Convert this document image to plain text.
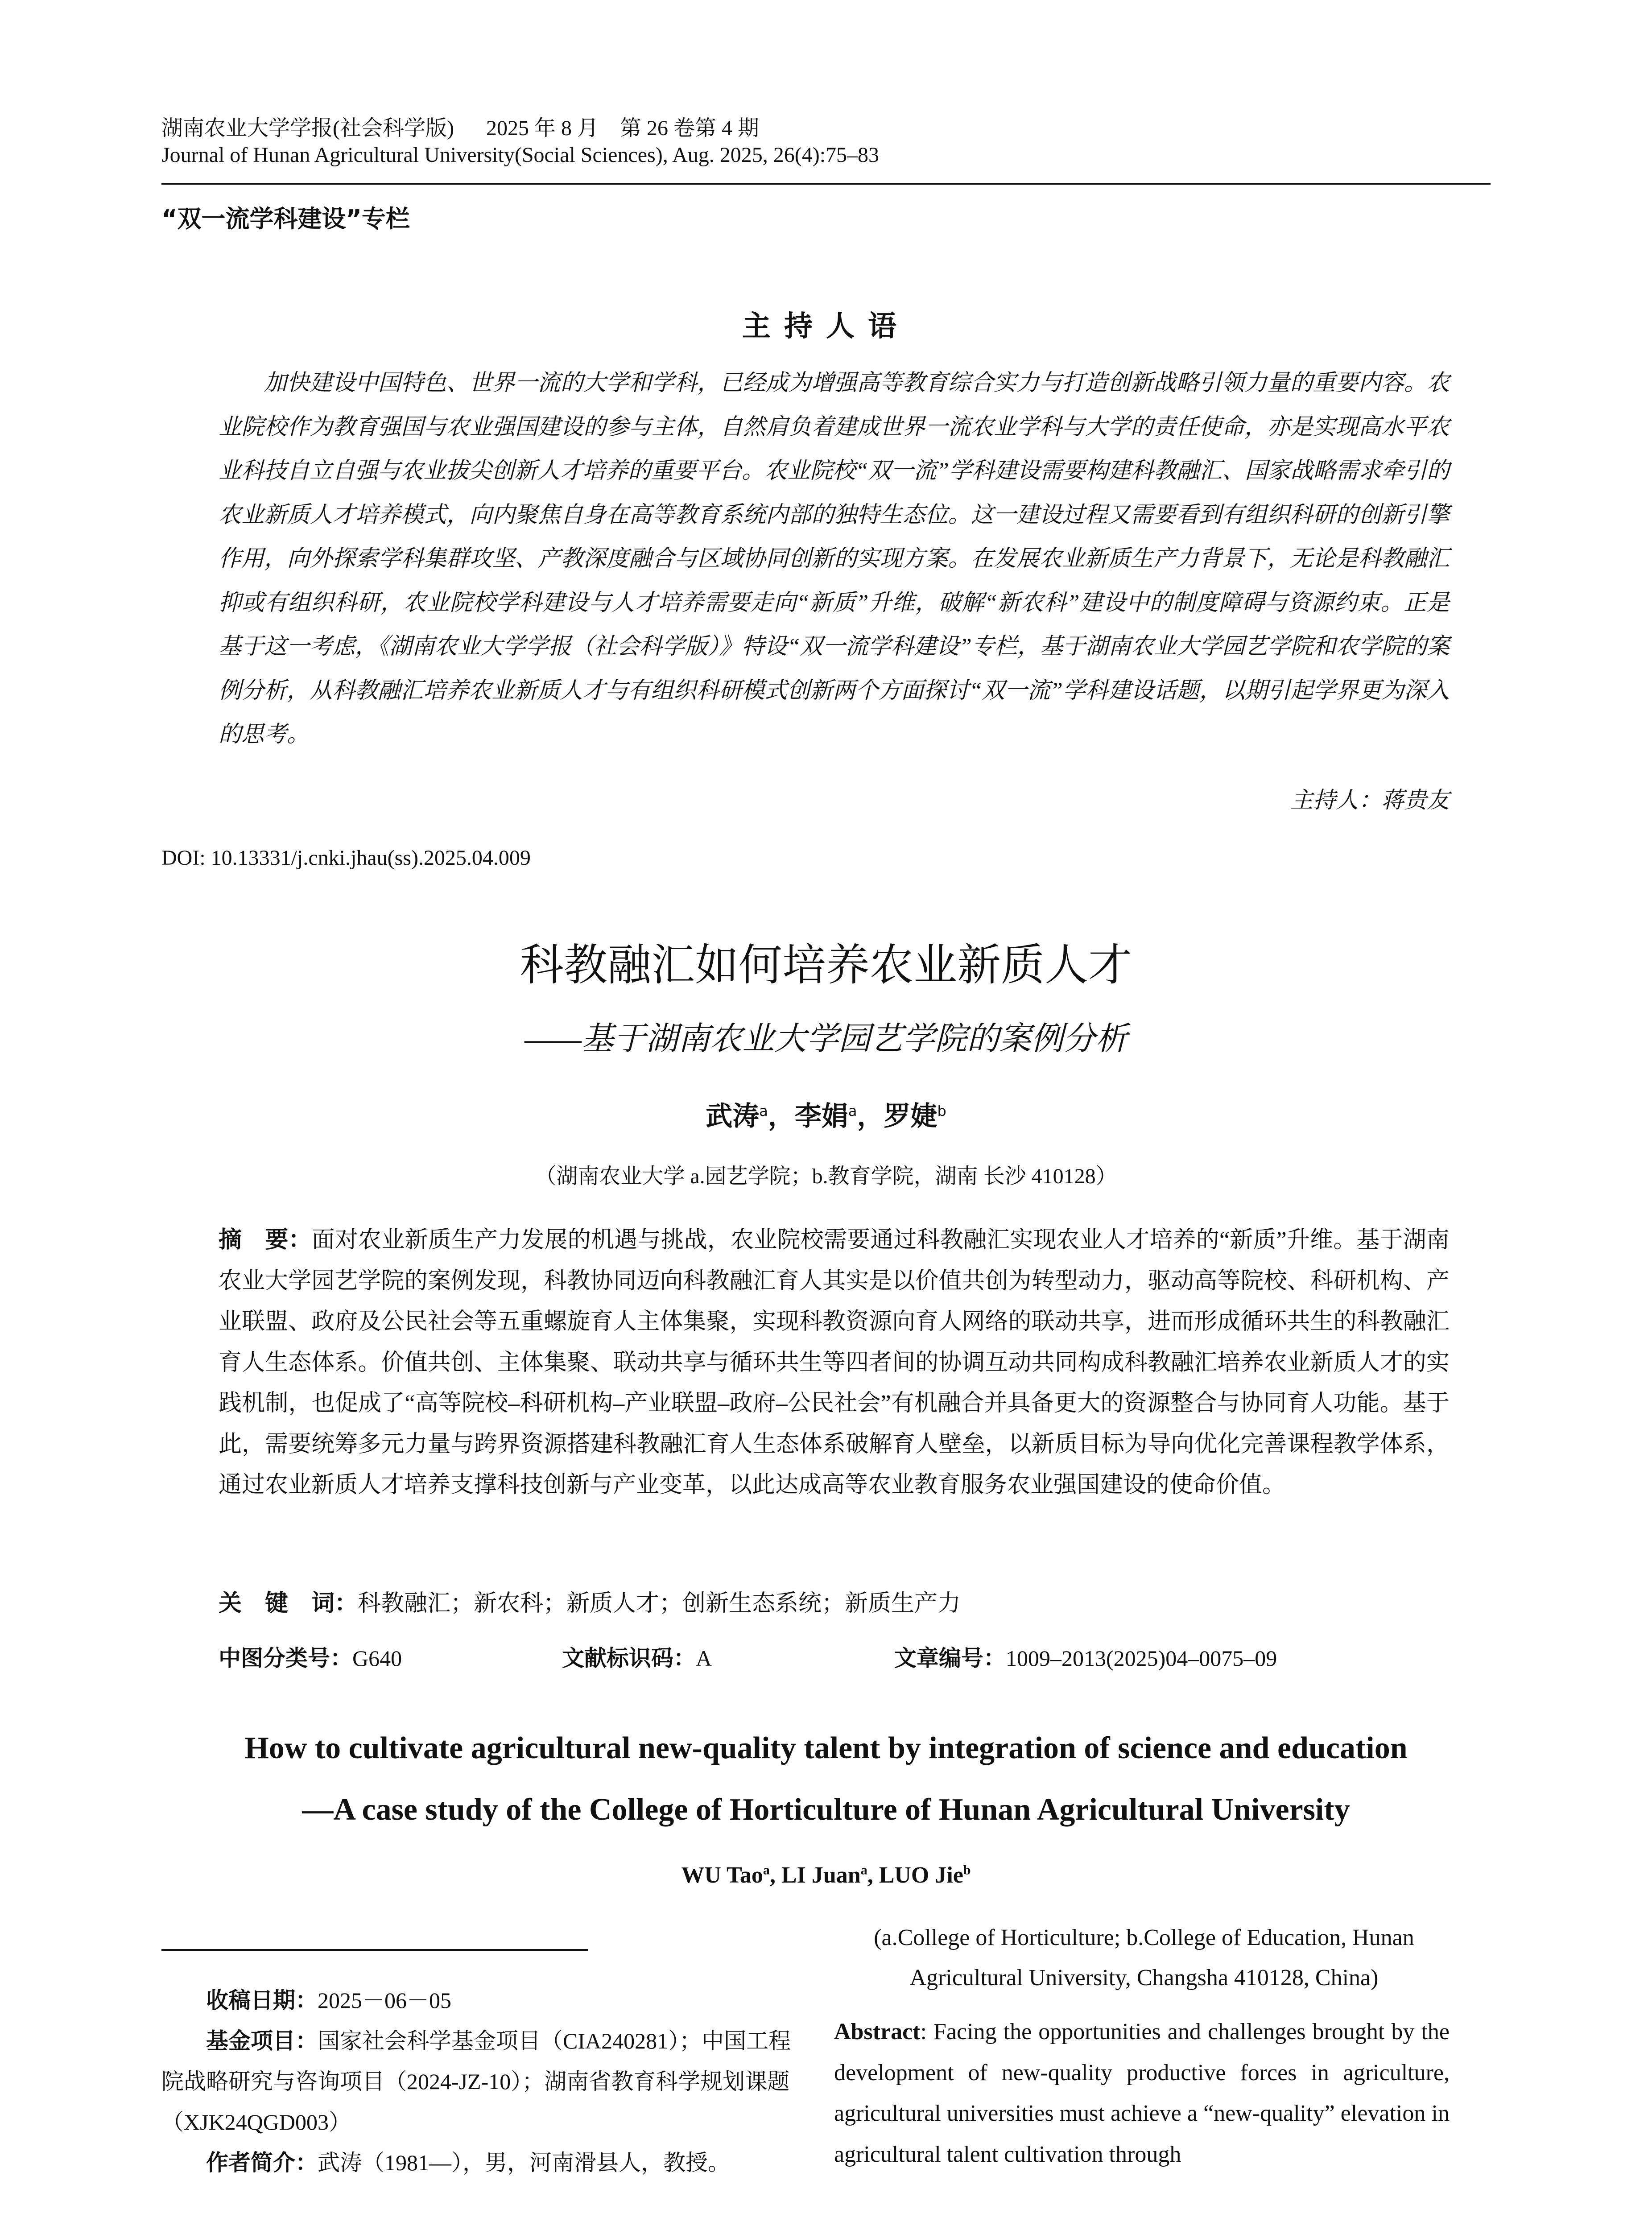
湖南农业大学学报(社会科学版) 2025 年 8 月　第 26 卷第 4 期
Journal of Hunan Agricultural University(Social Sciences), Aug. 2025, 26(4):75–83
“双一流学科建设”专栏
主持人语
加快建设中国特色、世界一流的大学和学科，已经成为增强高等教育综合实力与打造创新战略引领力量的重要内容。农业院校作为教育强国与农业强国建设的参与主体，自然肩负着建成世界一流农业学科与大学的责任使命，亦是实现高水平农业科技自立自强与农业拔尖创新人才培养的重要平台。农业院校“双一流”学科建设需要构建科教融汇、国家战略需求牵引的农业新质人才培养模式，向内聚焦自身在高等教育系统内部的独特生态位。这一建设过程又需要看到有组织科研的创新引擎作用，向外探索学科集群攻坚、产教深度融合与区域协同创新的实现方案。在发展农业新质生产力背景下，无论是科教融汇抑或有组织科研，农业院校学科建设与人才培养需要走向“新质”升维，破解“新农科”建设中的制度障碍与资源约束。正是基于这一考虑，《湖南农业大学学报（社会科学版）》特设“双一流学科建设”专栏，基于湖南农业大学园艺学院和农学院的案例分析，从科教融汇培养农业新质人才与有组织科研模式创新两个方面探讨“双一流”学科建设话题，以期引起学界更为深入的思考。
主持人：蒋贵友
DOI: 10.13331/j.cnki.jhau(ss).2025.04.009
科教融汇如何培养农业新质人才
——基于湖南农业大学园艺学院的案例分析
武涛$^a$，李娟$^a$，罗婕$^b$
（湖南农业大学 a.园艺学院；b.教育学院，湖南 长沙 410128）
摘　要：面对农业新质生产力发展的机遇与挑战，农业院校需要通过科教融汇实现农业人才培养的“新质”升维。基于湖南农业大学园艺学院的案例发现，科教协同迈向科教融汇育人其实是以价值共创为转型动力，驱动高等院校、科研机构、产业联盟、政府及公民社会等五重螺旋育人主体集聚，实现科教资源向育人网络的联动共享，进而形成循环共生的科教融汇育人生态体系。价值共创、主体集聚、联动共享与循环共生等四者间的协调互动共同构成科教融汇培养农业新质人才的实践机制，也促成了“高等院校–科研机构–产业联盟–政府–公民社会”有机融合并具备更大的资源整合与协同育人功能。基于此，需要统筹多元力量与跨界资源搭建科教融汇育人生态体系破解育人壁垒，以新质目标为导向优化完善课程教学体系，通过农业新质人才培养支撑科技创新与产业变革，以此达成高等农业教育服务农业强国建设的使命价值。
关　键　词：科教融汇；新农科；新质人才；创新生态系统；新质生产力
中图分类号：G640	文献标识码：A	文章编号：1009–2013(2025)04–0075–09
How to cultivate agricultural new-quality talent by integration of science and education
—A case study of the College of Horticulture of Hunan Agricultural University
WU Tao$^a$, LI Juan$^a$, LUO Jie$^b$

收稿日期：2025－06－05

基金项目：国家社会科学基金项目（CIA240281）；中国工程院战略研究与咨询项目（2024-JZ-10）；湖南省教育科学规划课题（XJK24QGD003）

作者简介：武涛（1981—），男，河南滑县人，教授。

(a.College of Horticulture; b.College of Education, Hunan
Agricultural University, Changsha 410128, China)
Abstract: Facing the opportunities and challenges brought by the development of new-quality productive forces in agriculture, agricultural universities must achieve a “new-quality” elevation in agricultural talent cultivation through
